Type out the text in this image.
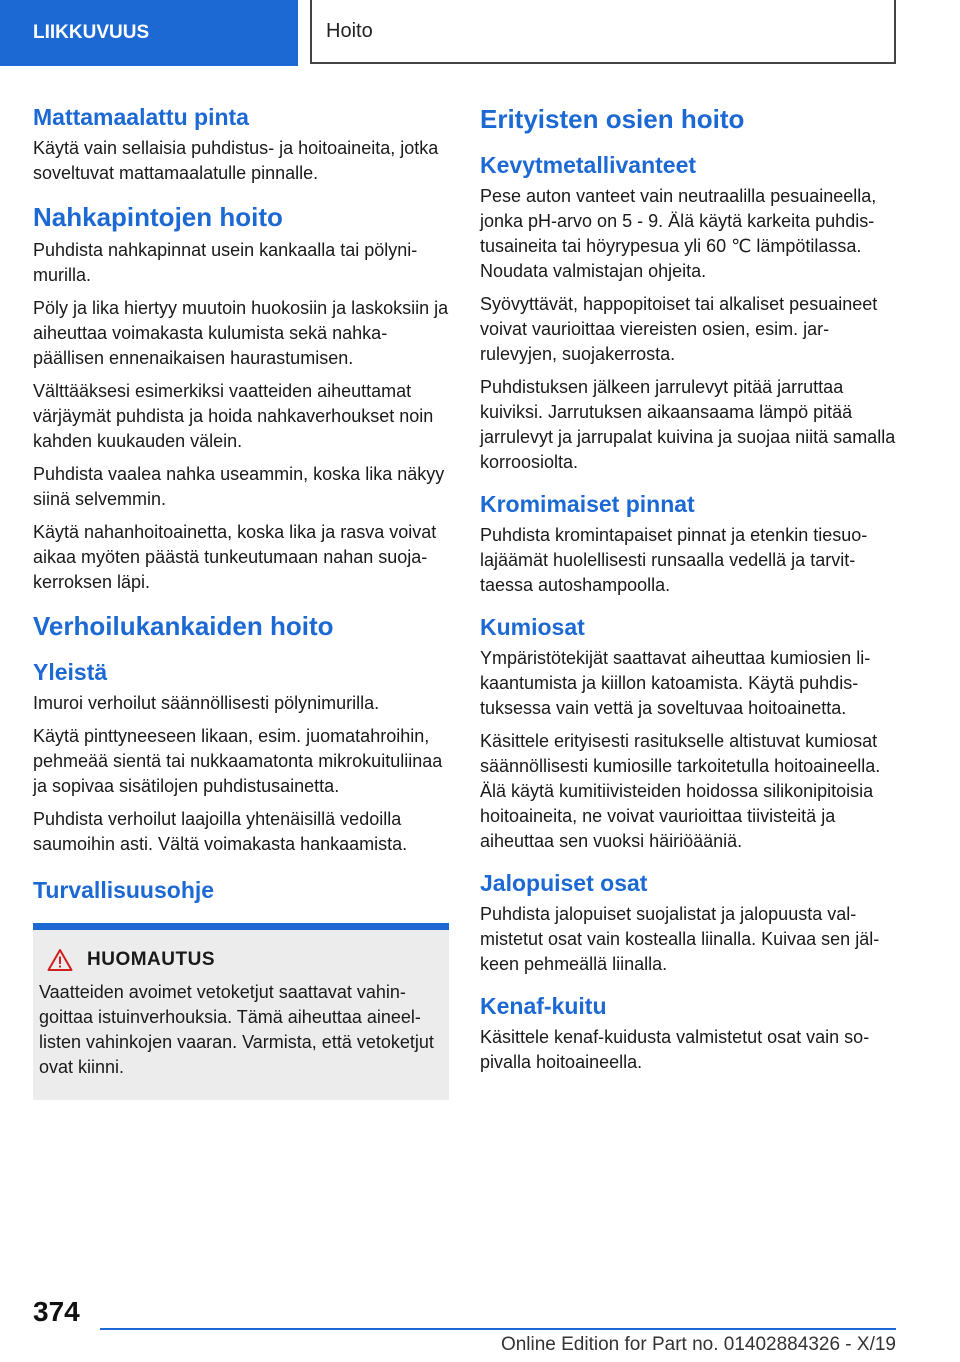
LIIKKUVUUS	Hoito
Mattamaalattu pinta

Käytä vain sellaisia puhdistus- ja hoitoaineita, jotka soveltuvat mattamaalatulle pinnalle.

Nahkapintojen hoito

Puhdista nahkapinnat usein kankaalla tai pölynimurilla.

Pöly ja lika hiertyy muutoin huokosiin ja laskoksiin ja aiheuttaa voimakasta kulumista sekä nahkapäällisen ennenaikaisen haurastumisen.

Välttääksesi esimerkiksi vaatteiden aiheuttamat värjäymät puhdista ja hoida nahkaverhoukset noin kahden kuukauden välein.

Puhdista vaalea nahka useammin, koska lika näkyy siinä selvemmin.

Käytä nahanhoitoainetta, koska lika ja rasva voivat aikaa myöten päästä tunkeutumaan nahan suojakerroksen läpi.

Verhoilukankaiden hoito
Yleistä

Imuroi verhoilut säännöllisesti pölynimurilla.

Käytä pinttyneeseen likaan, esim. juomatahroihin, pehmeää sientä tai nukkaamatonta mikrokuituliinaa ja sopivaa sisätilojen puhdistusainetta.

Puhdista verhoilut laajoilla yhtenäisillä vedoilla saumoihin asti. Vältä voimakasta hankaamista.

Turvallisuusohje
HUOMAUTUS

Vaatteiden avoimet vetoketjut saattavat vahingoittaa istuinverhouksia. Tämä aiheuttaa aineellisten vahinkojen vaaran. Varmista, että vetoketjut ovat kiinni.

Erityisten osien hoito
Kevytmetallivanteet

Pese auton vanteet vain neutraalilla pesuaineella, jonka pH-arvo on 5 - 9. Älä käytä karkeita puhdistusaineita tai höyrypesua yli 60 ℃ lämpötilassa. Noudata valmistajan ohjeita.

Syövyttävät, happopitoiset tai alkaliset pesuaineet voivat vaurioittaa viereisten osien, esim. jarrulevyjen, suojakerrosta.

Puhdistuksen jälkeen jarrulevyt pitää jarruttaa kuiviksi. Jarrutuksen aikaansaama lämpö pitää jarrulevyt ja jarrupalat kuivina ja suojaa niitä samalla korroosiolta.

Kromimaiset pinnat

Puhdista kromintapaiset pinnat ja etenkin tiesuolajäämät huolellisesti runsaalla vedellä ja tarvittaessa autoshampoolla.

Kumiosat

Ympäristötekijät saattavat aiheuttaa kumiosien likaantumista ja kiillon katoamista. Käytä puhdistuksessa vain vettä ja soveltuvaa hoitoainetta.

Käsittele erityisesti rasitukselle altistuvat kumiosat säännöllisesti kumiosille tarkoitetulla hoitoaineella. Älä käytä kumitiivisteiden hoidossa silikonipitoisia hoitoaineita, ne voivat vaurioittaa tiivisteitä ja aiheuttaa sen vuoksi häiriöääniä.

Jalopuiset osat

Puhdista jalopuiset suojalistat ja jalopuusta valmistetut osat vain kostealla liinalla. Kuivaa sen jälkeen pehmeällä liinalla.

Kenaf-kuitu

Käsittele kenaf-kuidusta valmistetut osat vain sopivalla hoitoaineella.

374
Online Edition for Part no. 01402884326 - X/19
